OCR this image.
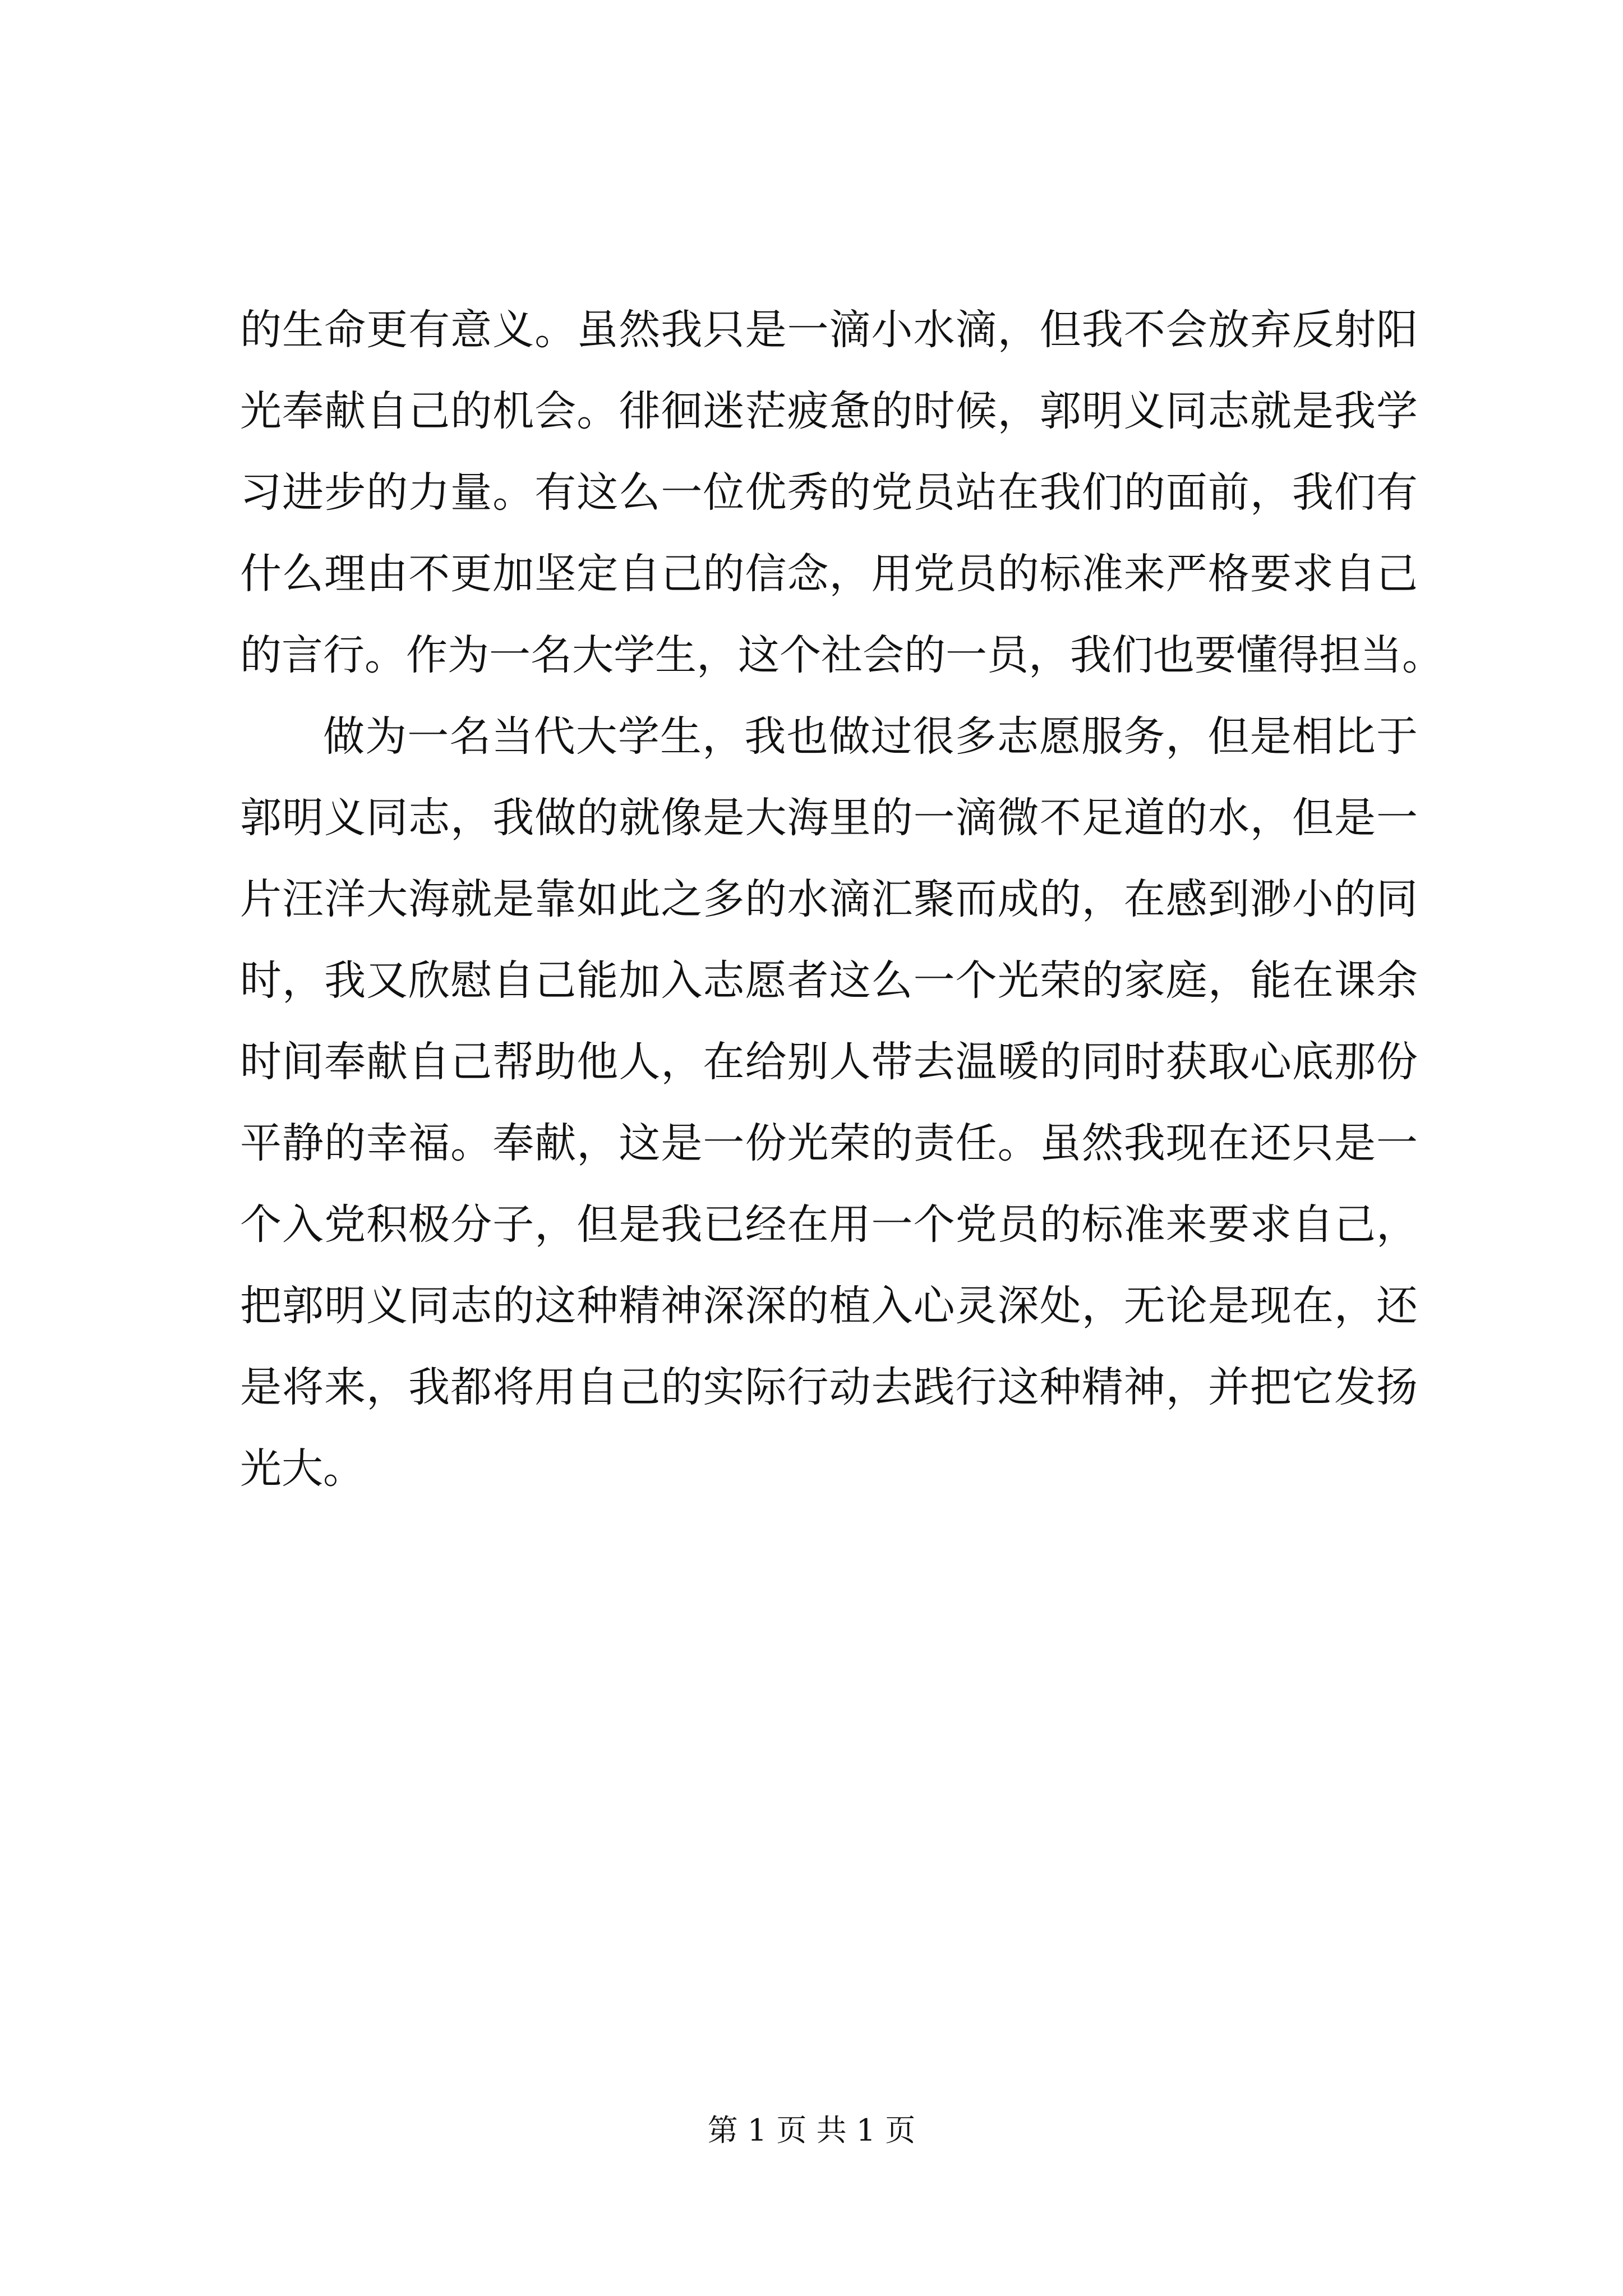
的生命更有意义。虽然我只是一滴小水滴，但我不会放弃反射阳
光奉献自己的机会。徘徊迷茫疲惫的时候，郭明义同志就是我学
习进步的力量。有这么一位优秀的党员站在我们的面前，我们有
什么理由不更加坚定自己的信念，用党员的标准来严格要求自己
的言行。作为一名大学生，这个社会的一员，我们也要懂得担当。
做为一名当代大学生，我也做过很多志愿服务，但是相比于
郭明义同志，我做的就像是大海里的一滴微不足道的水，但是一
片汪洋大海就是靠如此之多的水滴汇聚而成的，在感到渺小的同
时，我又欣慰自己能加入志愿者这么一个光荣的家庭，能在课余
时间奉献自己帮助他人，在给别人带去温暖的同时获取心底那份
平静的幸福。奉献，这是一份光荣的责任。虽然我现在还只是一
个入党积极分子，但是我已经在用一个党员的标准来要求自己，
把郭明义同志的这种精神深深的植入心灵深处，无论是现在，还
是将来，我都将用自己的实际行动去践行这种精神，并把它发扬
光大。
第 1 页 共 1 页
